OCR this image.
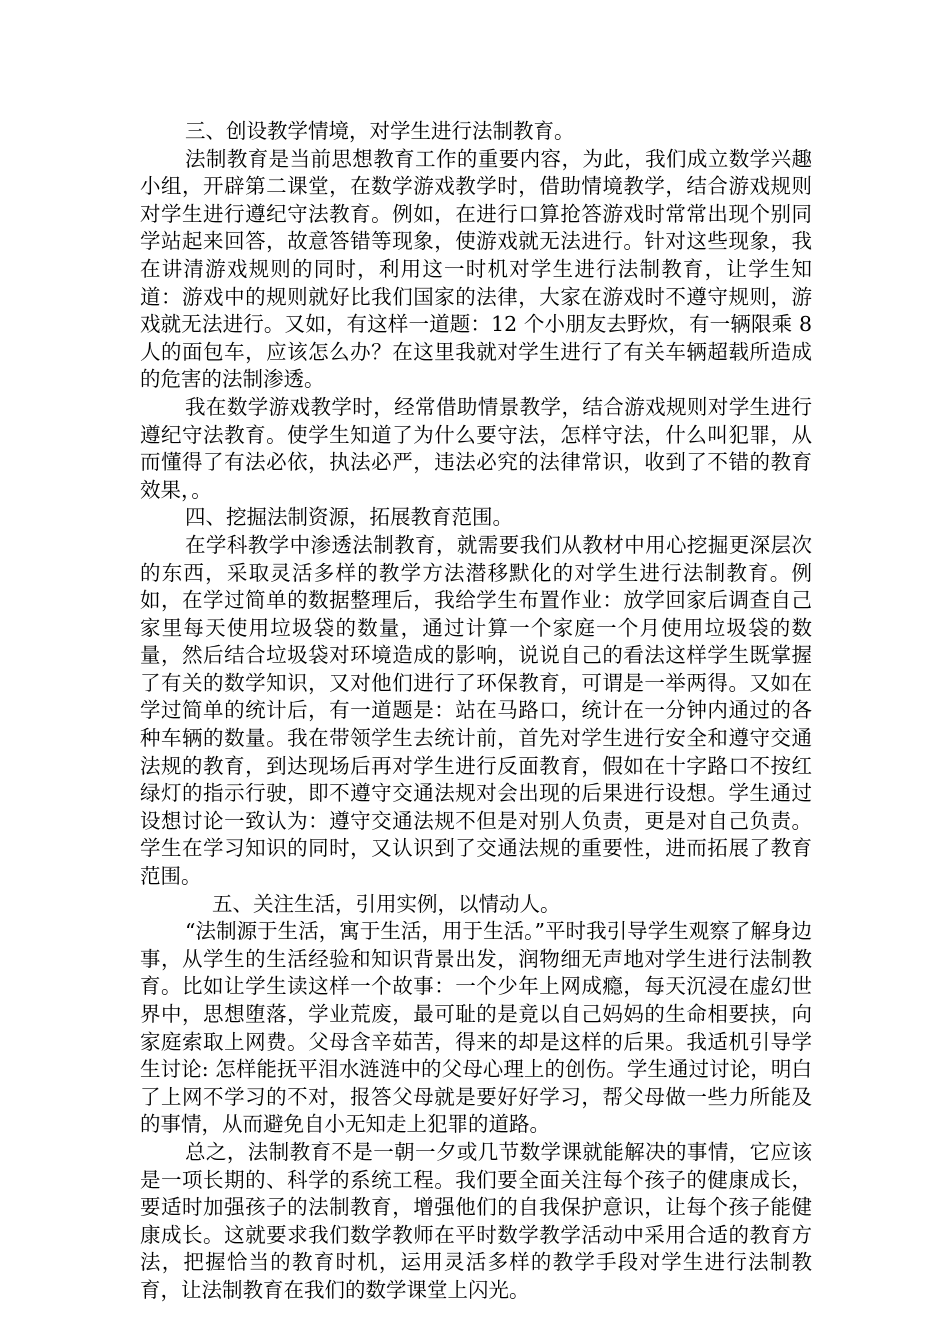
三、创设教学情境，对学生进行法制教育。

法制教育是当前思想教育工作的重要内容，为此，我们成立数学兴趣小组，开辟第二课堂，在数学游戏教学时，借助情境教学，结合游戏规则对学生进行遵纪守法教育。例如，在进行口算抢答游戏时常常出现个别同学站起来回答，故意答错等现象，使游戏就无法进行。针对这些现象，我在讲清游戏规则的同时，利用这一时机对学生进行法制教育，让学生知道：游戏中的规则就好比我们国家的法律，大家在游戏时不遵守规则，游戏就无法进行。又如，有这样一道题：12 个小朋友去野炊，有一辆限乘 8 人的面包车，应该怎么办？在这里我就对学生进行了有关车辆超载所造成的危害的法制渗透。

我在数学游戏教学时，经常借助情景教学，结合游戏规则对学生进行遵纪守法教育。使学生知道了为什么要守法，怎样守法，什么叫犯罪，从而懂得了有法必依，执法必严，违法必究的法律常识，收到了不错的教育效果，。

四、挖掘法制资源，拓展教育范围。

在学科教学中渗透法制教育，就需要我们从教材中用心挖掘更深层次的东西，采取灵活多样的教学方法潜移默化的对学生进行法制教育。例如，在学过简单的数据整理后，我给学生布置作业：放学回家后调查自己家里每天使用垃圾袋的数量，通过计算一个家庭一个月使用垃圾袋的数量，然后结合垃圾袋对环境造成的影响，说说自己的看法这样学生既掌握了有关的数学知识，又对他们进行了环保教育，可谓是一举两得。又如在学过简单的统计后，有一道题是：站在马路口，统计在一分钟内通过的各种车辆的数量。我在带领学生去统计前，首先对学生进行安全和遵守交通法规的教育，到达现场后再对学生进行反面教育，假如在十字路口不按红绿灯的指示行驶，即不遵守交通法规对会出现的后果进行设想。学生通过设想讨论一致认为：遵守交通法规不但是对别人负责，更是对自己负责。学生在学习知识的同时，又认识到了交通法规的重要性，进而拓展了教育范围。

五、关注生活，引用实例，以情动人。

“法制源于生活，寓于生活，用于生活。”平时我引导学生观察了解身边事，从学生的生活经验和知识背景出发，润物细无声地对学生进行法制教育。比如让学生读这样一个故事：一个少年上网成瘾，每天沉浸在虚幻世界中，思想堕落，学业荒废，最可耻的是竟以自己妈妈的生命相要挟，向家庭索取上网费。父母含辛茹苦，得来的却是这样的后果。我适机引导学生讨论: 怎样能抚平泪水涟涟中的父母心理上的创伤。学生通过讨论，明白了上网不学习的不对，报答父母就是要好好学习，帮父母做一些力所能及的事情，从而避免自小无知走上犯罪的道路。

总之，法制教育不是一朝一夕或几节数学课就能解决的事情，它应该是一项长期的、科学的系统工程。我们要全面关注每个孩子的健康成长，要适时加强孩子的法制教育，增强他们的自我保护意识，让每个孩子能健康成长。这就要求我们数学教师在平时数学教学活动中采用合适的教育方法，把握恰当的教育时机，运用灵活多样的教学手段对学生进行法制教育，让法制教育在我们的数学课堂上闪光。
